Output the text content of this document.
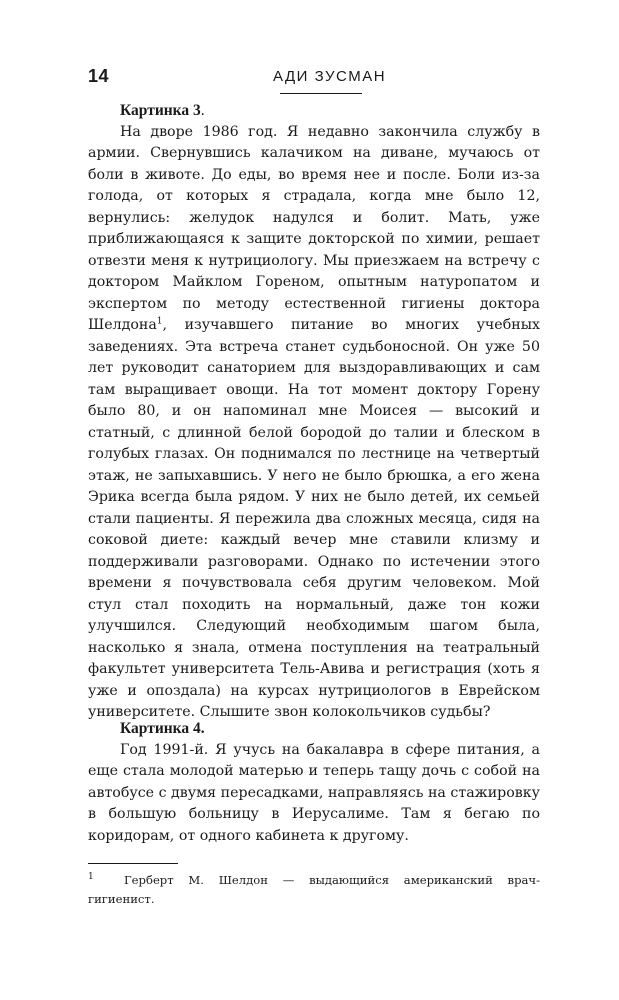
14	АДИ ЗУСМАН

Картинка 3.

На дворе 1986 год. Я недавно закончила службу в армии. Свернувшись калачиком на диване, мучаюсь от боли в животе. До еды, во время нее и после. Боли из-за голода, от которых я страдала, когда мне было 12, вернулись: желудок надулся и болит. Мать, уже приближающаяся к защите докторской по химии, решает отвезти меня к нутрициологу. Мы приезжаем на встречу с доктором Майклом Гореном, опытным натуропатом и экспертом по методу естественной гигиены доктора Шелдона$^1$, изучавшего питание во многих учебных заведениях. Эта встреча станет судьбоносной. Он уже 50 лет руководит санаторием для выздоравливающих и сам там выращивает овощи. На тот момент доктору Горену было 80, и он напоминал мне Моисея — высокий и статный, с длинной белой бородой до талии и блеском в голубых глазах. Он поднимался по лестнице на четвертый этаж, не запыхавшись. У него не было брюшка, а его жена Эрика всегда была рядом. У них не было детей, их семьей стали пациенты. Я пережила два сложных месяца, сидя на соковой диете: каждый вечер мне ставили клизму и поддерживали разговорами. Однако по истечении этого времени я почувствовала себя другим человеком. Мой стул стал походить на нормальный, даже тон кожи улучшился. Следующий необходимым шагом была, насколько я знала, отмена поступления на театральный факультет университета Тель-Авива и регистрация (хоть я уже и опоздала) на курсах нутрициологов в Еврейском университете. Слышите звон колокольчиков судьбы?

Картинка 4.

Год 1991-й. Я учусь на бакалавра в сфере питания, а еще стала молодой матерью и теперь тащу дочь с собой на автобусе с двумя пересадками, направляясь на стажировку в большую больницу в Иерусалиме. Там я бегаю по коридорам, от одного кабинета к другому.

1	Герберт М. Шелдон — выдающийся американский врач-гигиенист.
